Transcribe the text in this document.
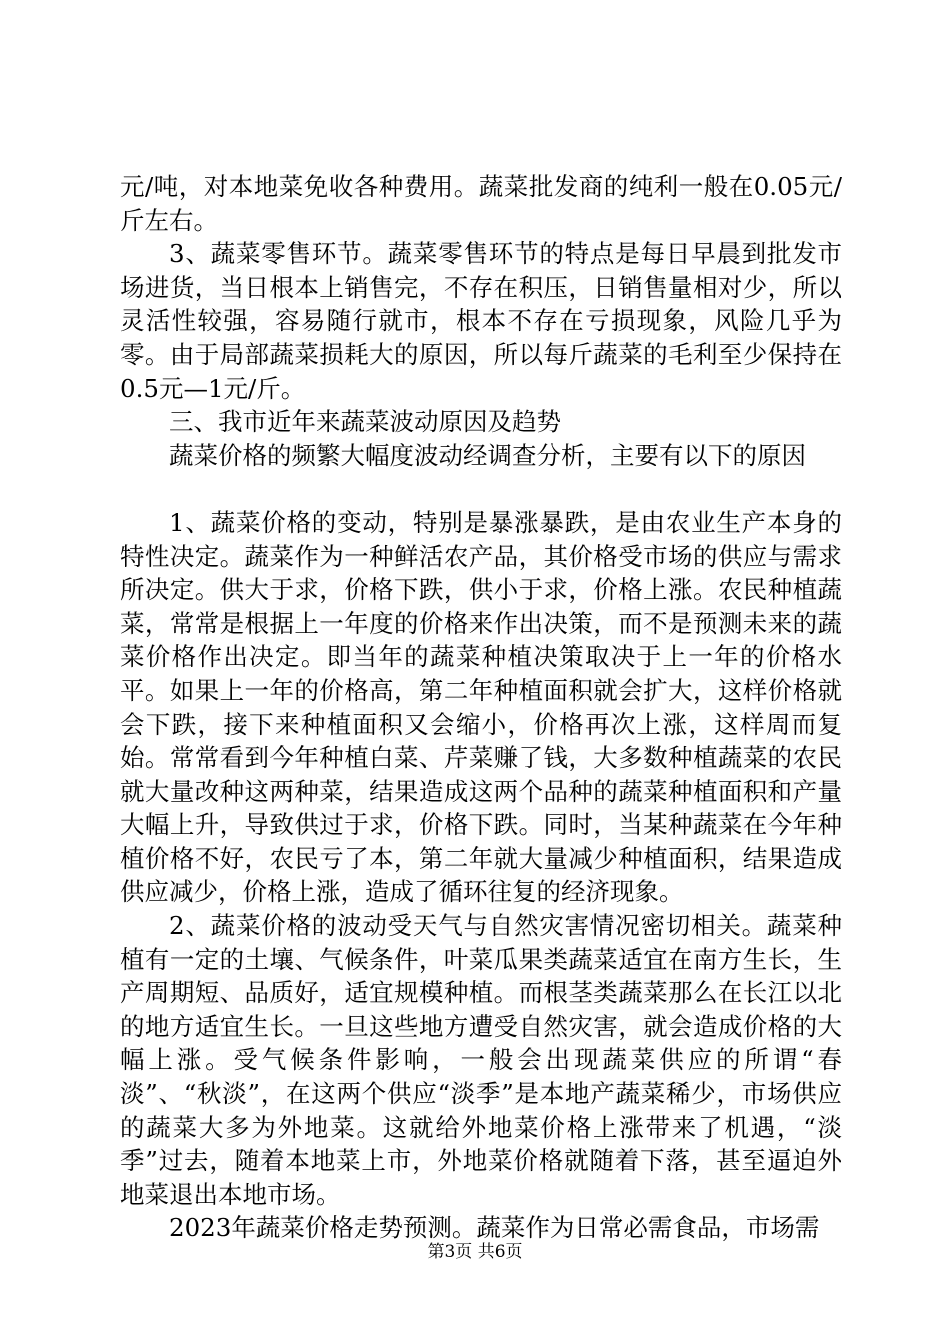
元/吨，对本地菜免收各种费用。蔬菜批发商的纯利一般在0.05元/斤左右。

3、蔬菜零售环节。蔬菜零售环节的特点是每日早晨到批发市场进货，当日根本上销售完，不存在积压，日销售量相对少，所以灵活性较强，容易随行就市，根本不存在亏损现象，风险几乎为零。由于局部蔬菜损耗大的原因，所以每斤蔬菜的毛利至少保持在0.5元—1元/斤。

三、我市近年来蔬菜波动原因及趋势

蔬菜价格的频繁大幅度波动经调查分析，主要有以下的原因

1、蔬菜价格的变动，特别是暴涨暴跌，是由农业生产本身的特性决定。蔬菜作为一种鲜活农产品，其价格受市场的供应与需求所决定。供大于求，价格下跌，供小于求，价格上涨。农民种植蔬菜，常常是根据上一年度的价格来作出决策，而不是预测未来的蔬菜价格作出决定。即当年的蔬菜种植决策取决于上一年的价格水平。如果上一年的价格高，第二年种植面积就会扩大，这样价格就会下跌，接下来种植面积又会缩小，价格再次上涨，这样周而复始。常常看到今年种植白菜、芹菜赚了钱，大多数种植蔬菜的农民就大量改种这两种菜，结果造成这两个品种的蔬菜种植面积和产量大幅上升，导致供过于求，价格下跌。同时，当某种蔬菜在今年种植价格不好，农民亏了本，第二年就大量减少种植面积，结果造成供应减少，价格上涨，造成了循环往复的经济现象。

2、蔬菜价格的波动受天气与自然灾害情况密切相关。蔬菜种植有一定的土壤、气候条件，叶菜瓜果类蔬菜适宜在南方生长，生产周期短、品质好，适宜规模种植。而根茎类蔬菜那么在长江以北的地方适宜生长。一旦这些地方遭受自然灾害，就会造成价格的大幅上涨。受气候条件影响，一般会出现蔬菜供应的所谓“春淡”、“秋淡”，在这两个供应“淡季”是本地产蔬菜稀少，市场供应的蔬菜大多为外地菜。这就给外地菜价格上涨带来了机遇，“淡季”过去，随着本地菜上市，外地菜价格就随着下落，甚至逼迫外地菜退出本地市场。

2023年蔬菜价格走势预测。蔬菜作为日常必需食品，市场需

第3页 共6页
